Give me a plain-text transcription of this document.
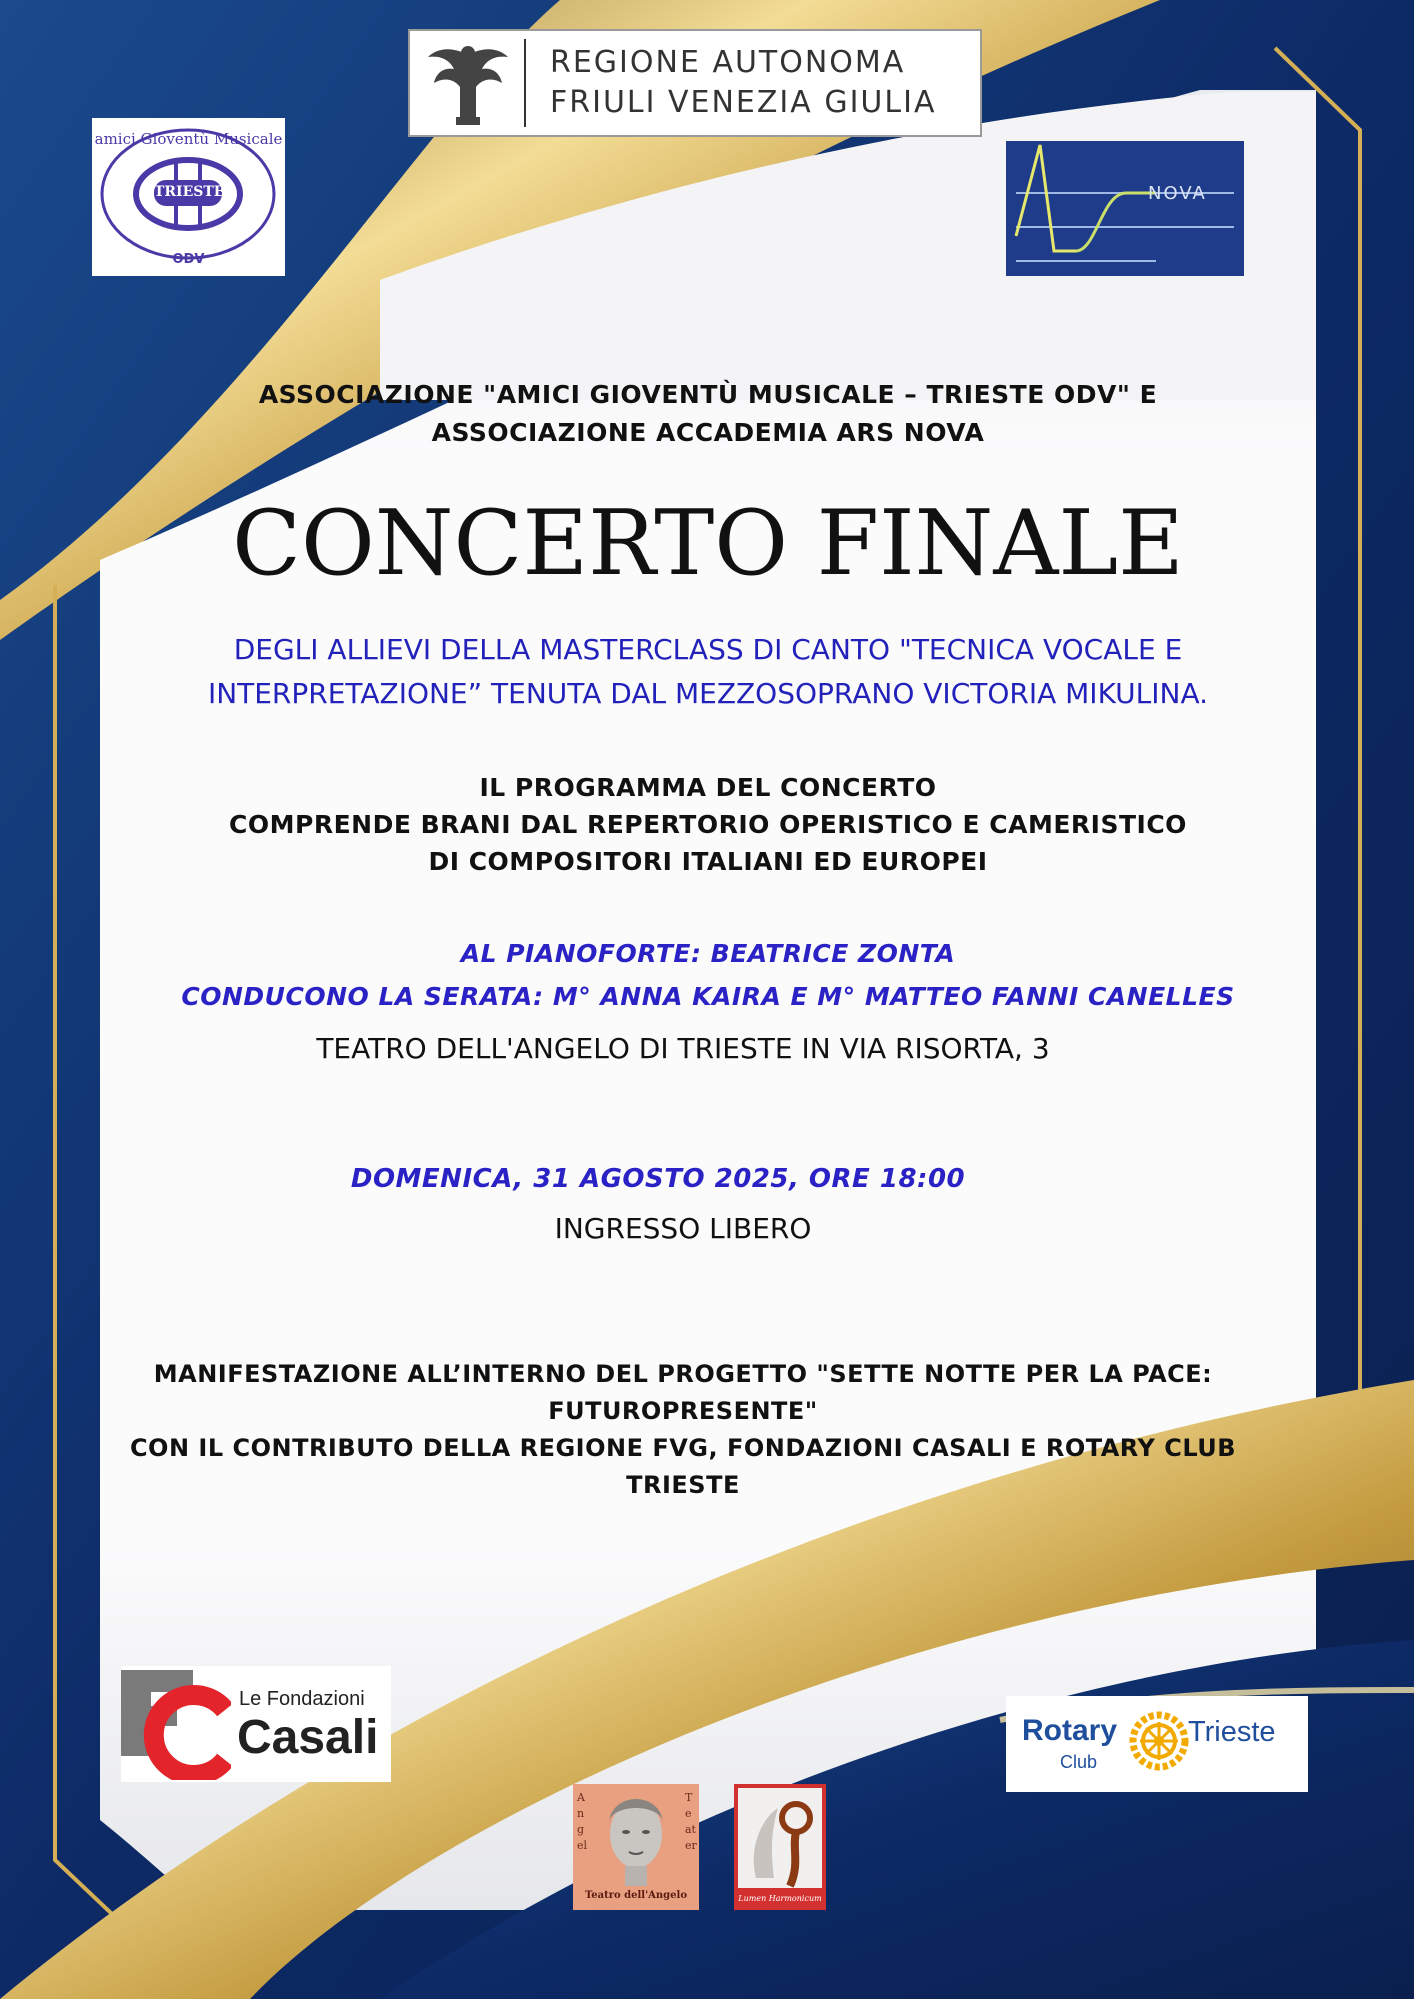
REGIONE AUTONOMA
FRIULI VENEZIA GIULIA
amici Gioventù Musicale
TRIESTE
ODV
NOVA
ASSOCIAZIONE "AMICI GIOVENTÙ MUSICALE – TRIESTE ODV" E
ASSOCIAZIONE ACCADEMIA ARS NOVA
CONCERTO FINALE
DEGLI ALLIEVI DELLA MASTERCLASS DI CANTO "TECNICA VOCALE E
INTERPRETAZIONE” TENUTA DAL MEZZOSOPRANO VICTORIA MIKULINA.
IL PROGRAMMA DEL CONCERTO
COMPRENDE BRANI DAL REPERTORIO OPERISTICO E CAMERISTICO
DI COMPOSITORI ITALIANI ED EUROPEI
AL PIANOFORTE: BEATRICE ZONTA
CONDUCONO LA SERATA: M° ANNA KAIRA E M° MATTEO FANNI CANELLES
TEATRO DELL'ANGELO DI TRIESTE IN VIA RISORTA, 3
DOMENICA, 31 AGOSTO 2025, ORE 18:00
INGRESSO LIBERO
MANIFESTAZIONE ALL’INTERNO DEL PROGETTO "SETTE NOTTE PER LA PACE:
FUTUROPRESENTE"
CON IL CONTRIBUTO DELLA REGIONE FVG, FONDAZIONI CASALI E ROTARY CLUB
TRIESTE
Le Fondazioni
Casali	Rotary
Club
Trieste
Angel
Teater
Teatro dell'Angelo	Lumen Harmonicum
